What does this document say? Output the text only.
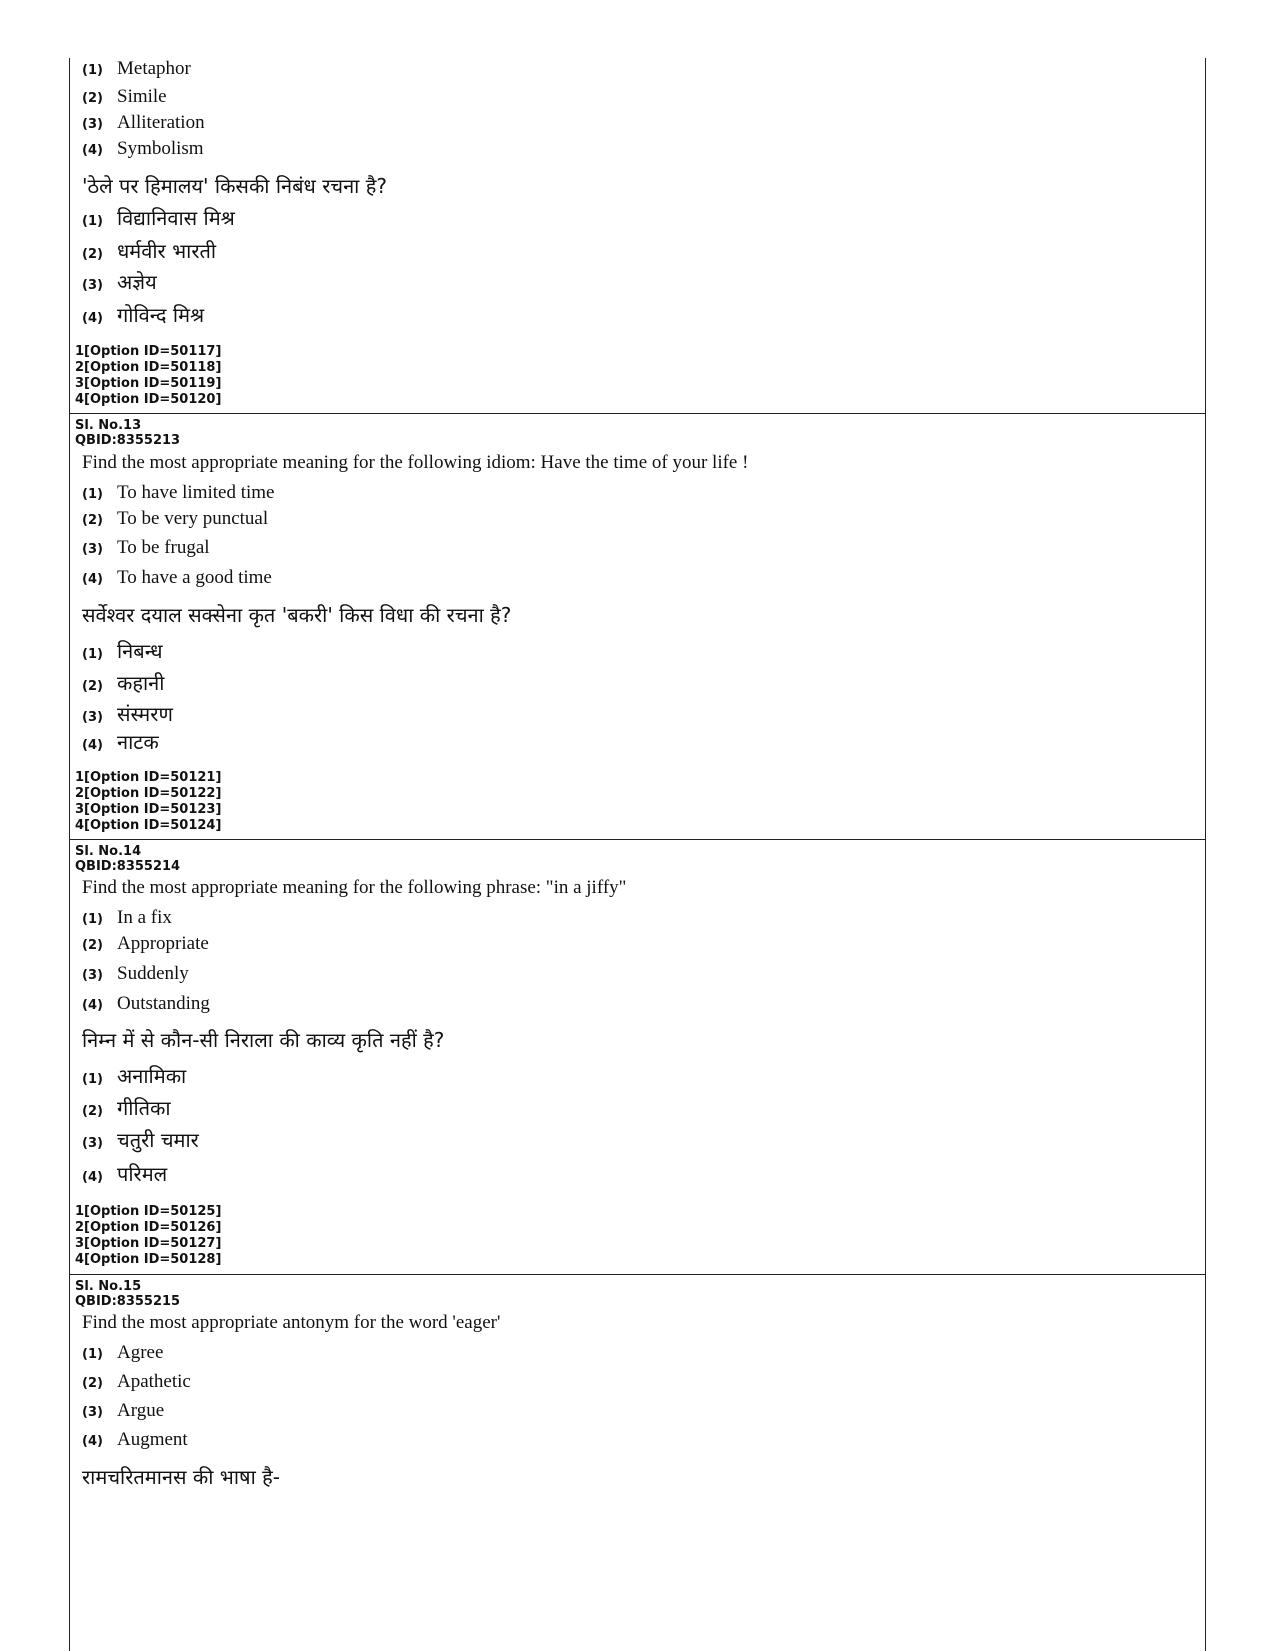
(1) Metaphor
(2) Simile
(3) Alliteration
(4) Symbolism
'ठेले पर हिमालय' किसकी निबंध रचना है?
(1) विद्यानिवास मिश्र
(2) धर्मवीर भारती
(3) अज्ञेय
(4) गोविन्द मिश्र
1[Option ID=50117]
2[Option ID=50118]
3[Option ID=50119]
4[Option ID=50120]
Sl. No.13
QBID:8355213
Find the most appropriate meaning for the following idiom: Have the time of your life !
(1) To have limited time
(2) To be very punctual
(3) To be frugal
(4) To have a good time
सर्वेश्वर दयाल सक्सेना कृत 'बकरी' किस विधा की रचना है?
(1) निबन्ध
(2) कहानी
(3) संस्मरण
(4) नाटक
1[Option ID=50121]
2[Option ID=50122]
3[Option ID=50123]
4[Option ID=50124]
Sl. No.14
QBID:8355214
Find the most appropriate meaning for the following phrase: "in a jiffy"
(1) In a fix
(2) Appropriate
(3) Suddenly
(4) Outstanding
निम्न में से कौन-सी निराला की काव्य कृति नहीं है?
(1) अनामिका
(2) गीतिका
(3) चतुरी चमार
(4) परिमल
1[Option ID=50125]
2[Option ID=50126]
3[Option ID=50127]
4[Option ID=50128]
Sl. No.15
QBID:8355215
Find the most appropriate antonym for the word 'eager'
(1) Agree
(2) Apathetic
(3) Argue
(4) Augment
रामचरितमानस की भाषा है-
